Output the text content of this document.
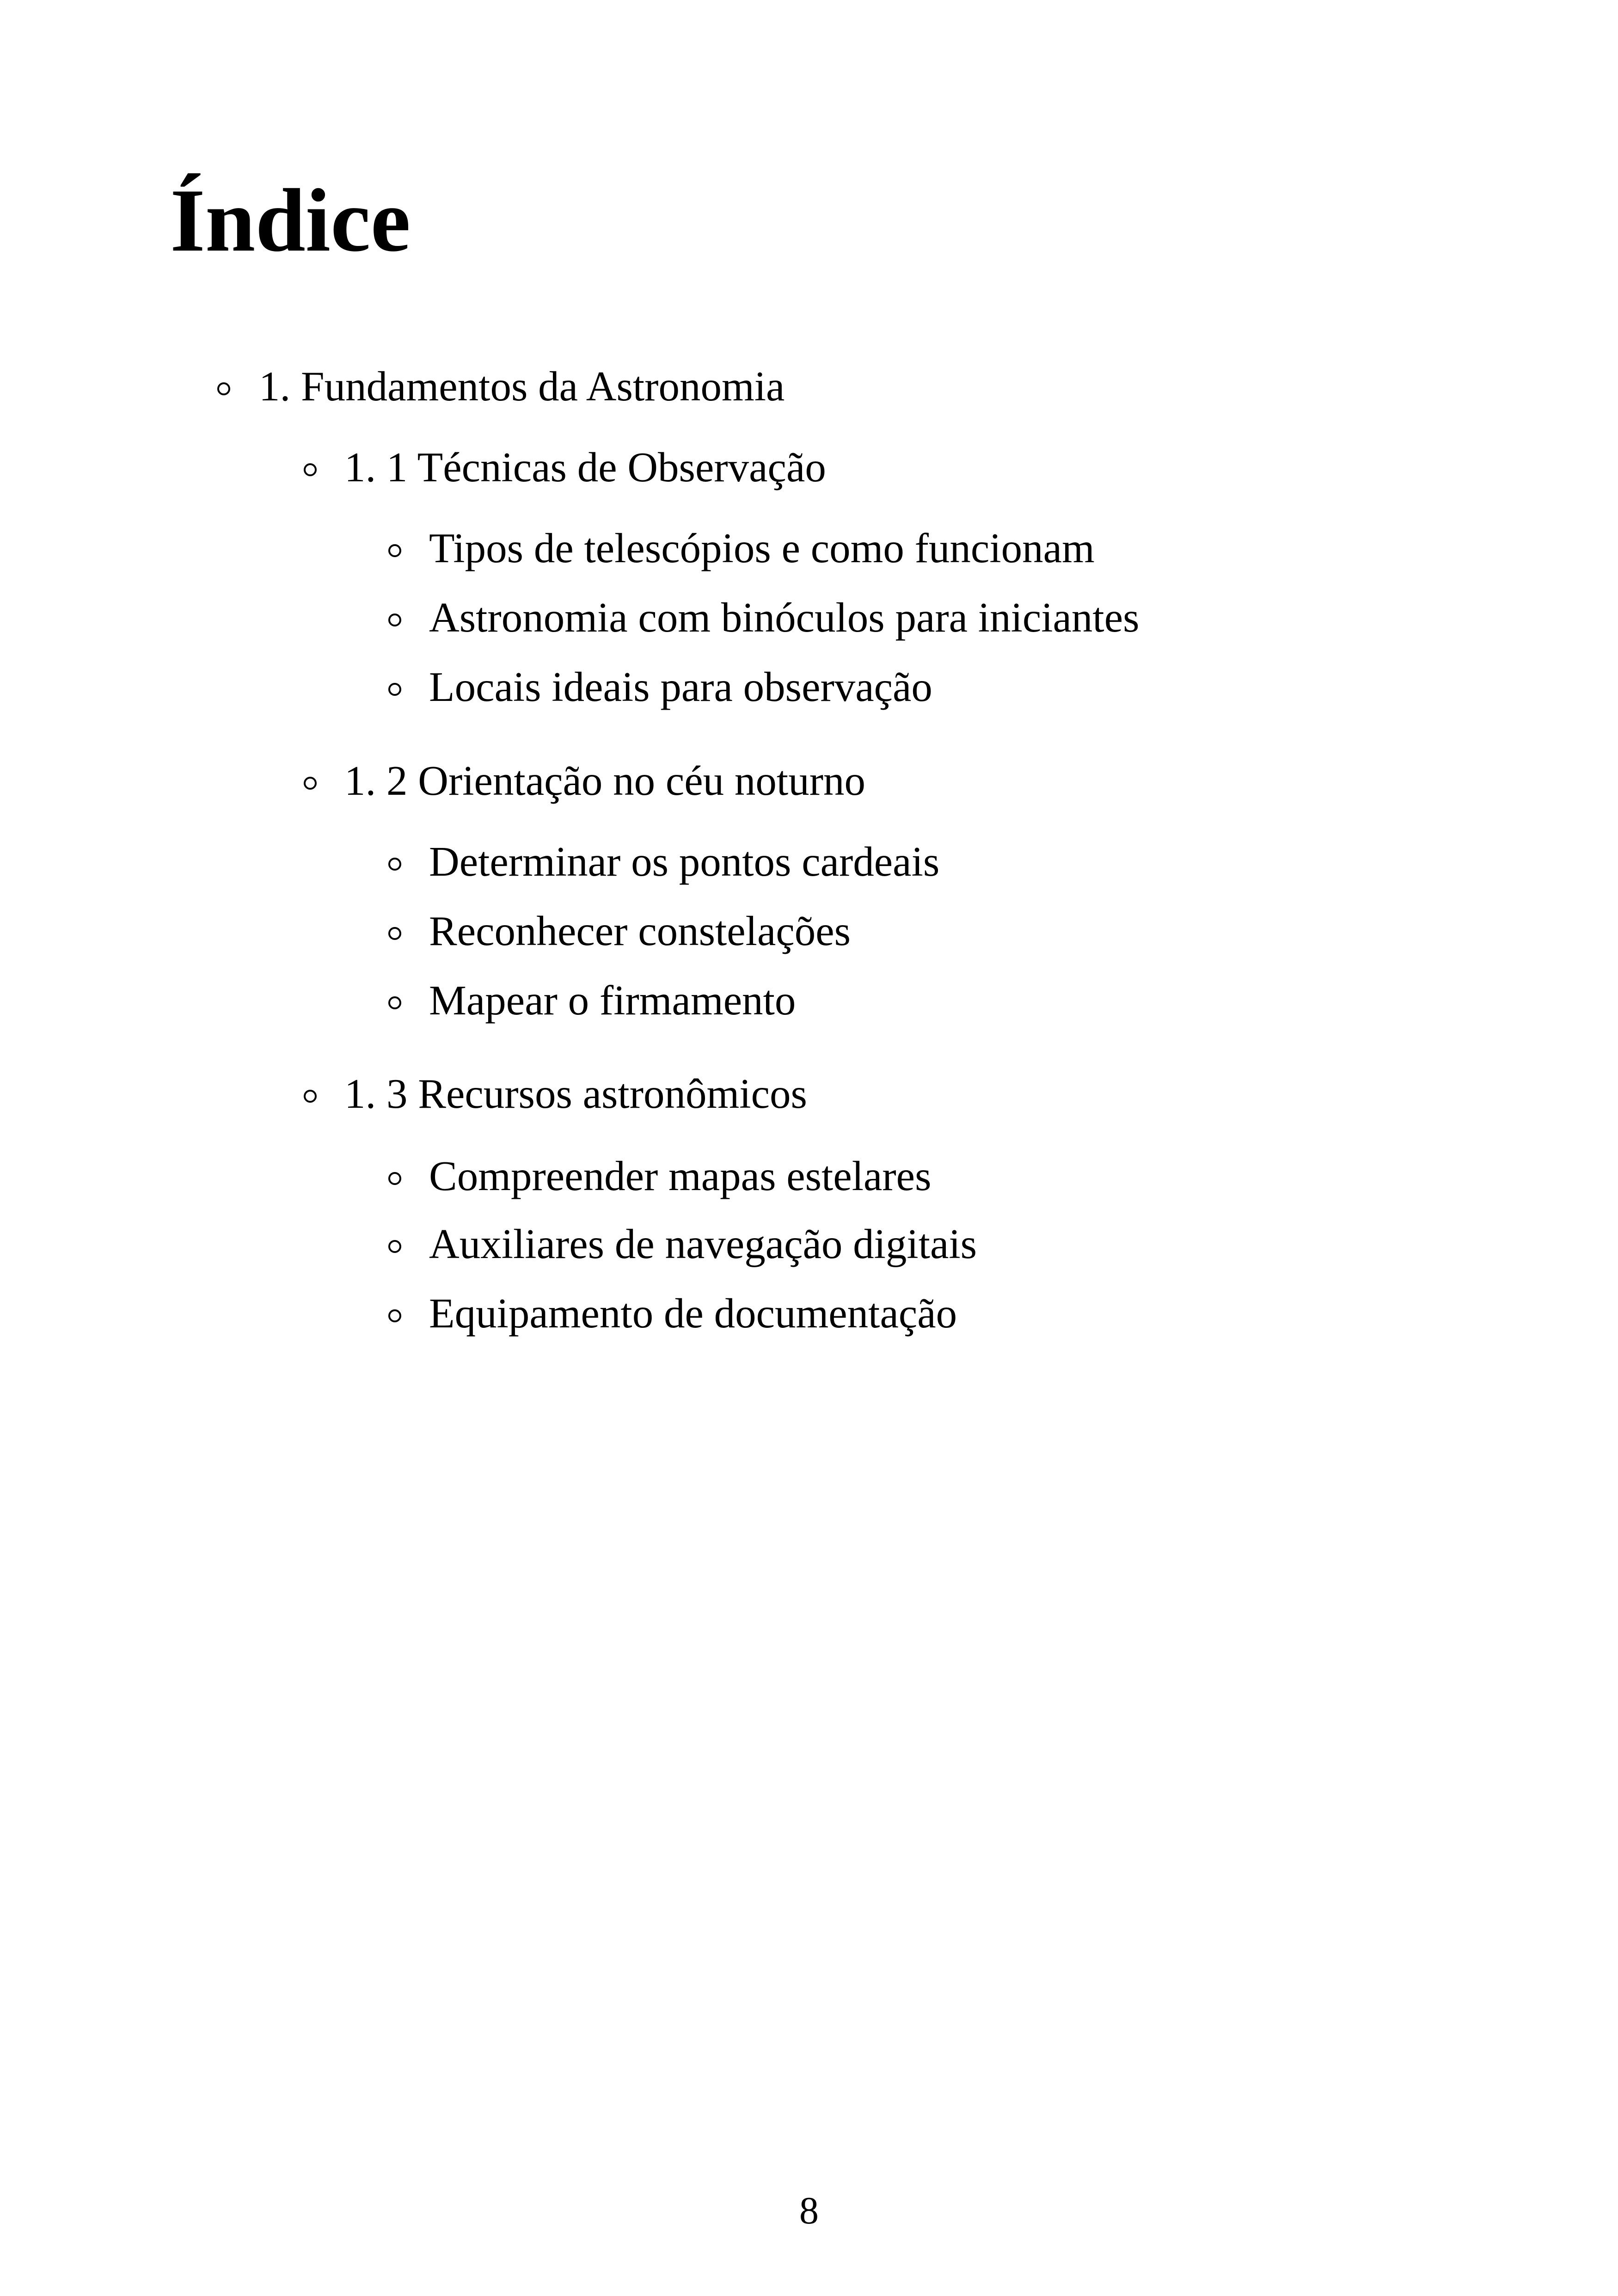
Índice
1. Fundamentos da Astronomia
1. 1 Técnicas de Observação
Tipos de telescópios e como funcionam
Astronomia com binóculos para iniciantes
Locais ideais para observação
1. 2 Orientação no céu noturno
Determinar os pontos cardeais
Reconhecer constelações
Mapear o firmamento
1. 3 Recursos astronômicos
Compreender mapas estelares
Auxiliares de navegação digitais
Equipamento de documentação
8
